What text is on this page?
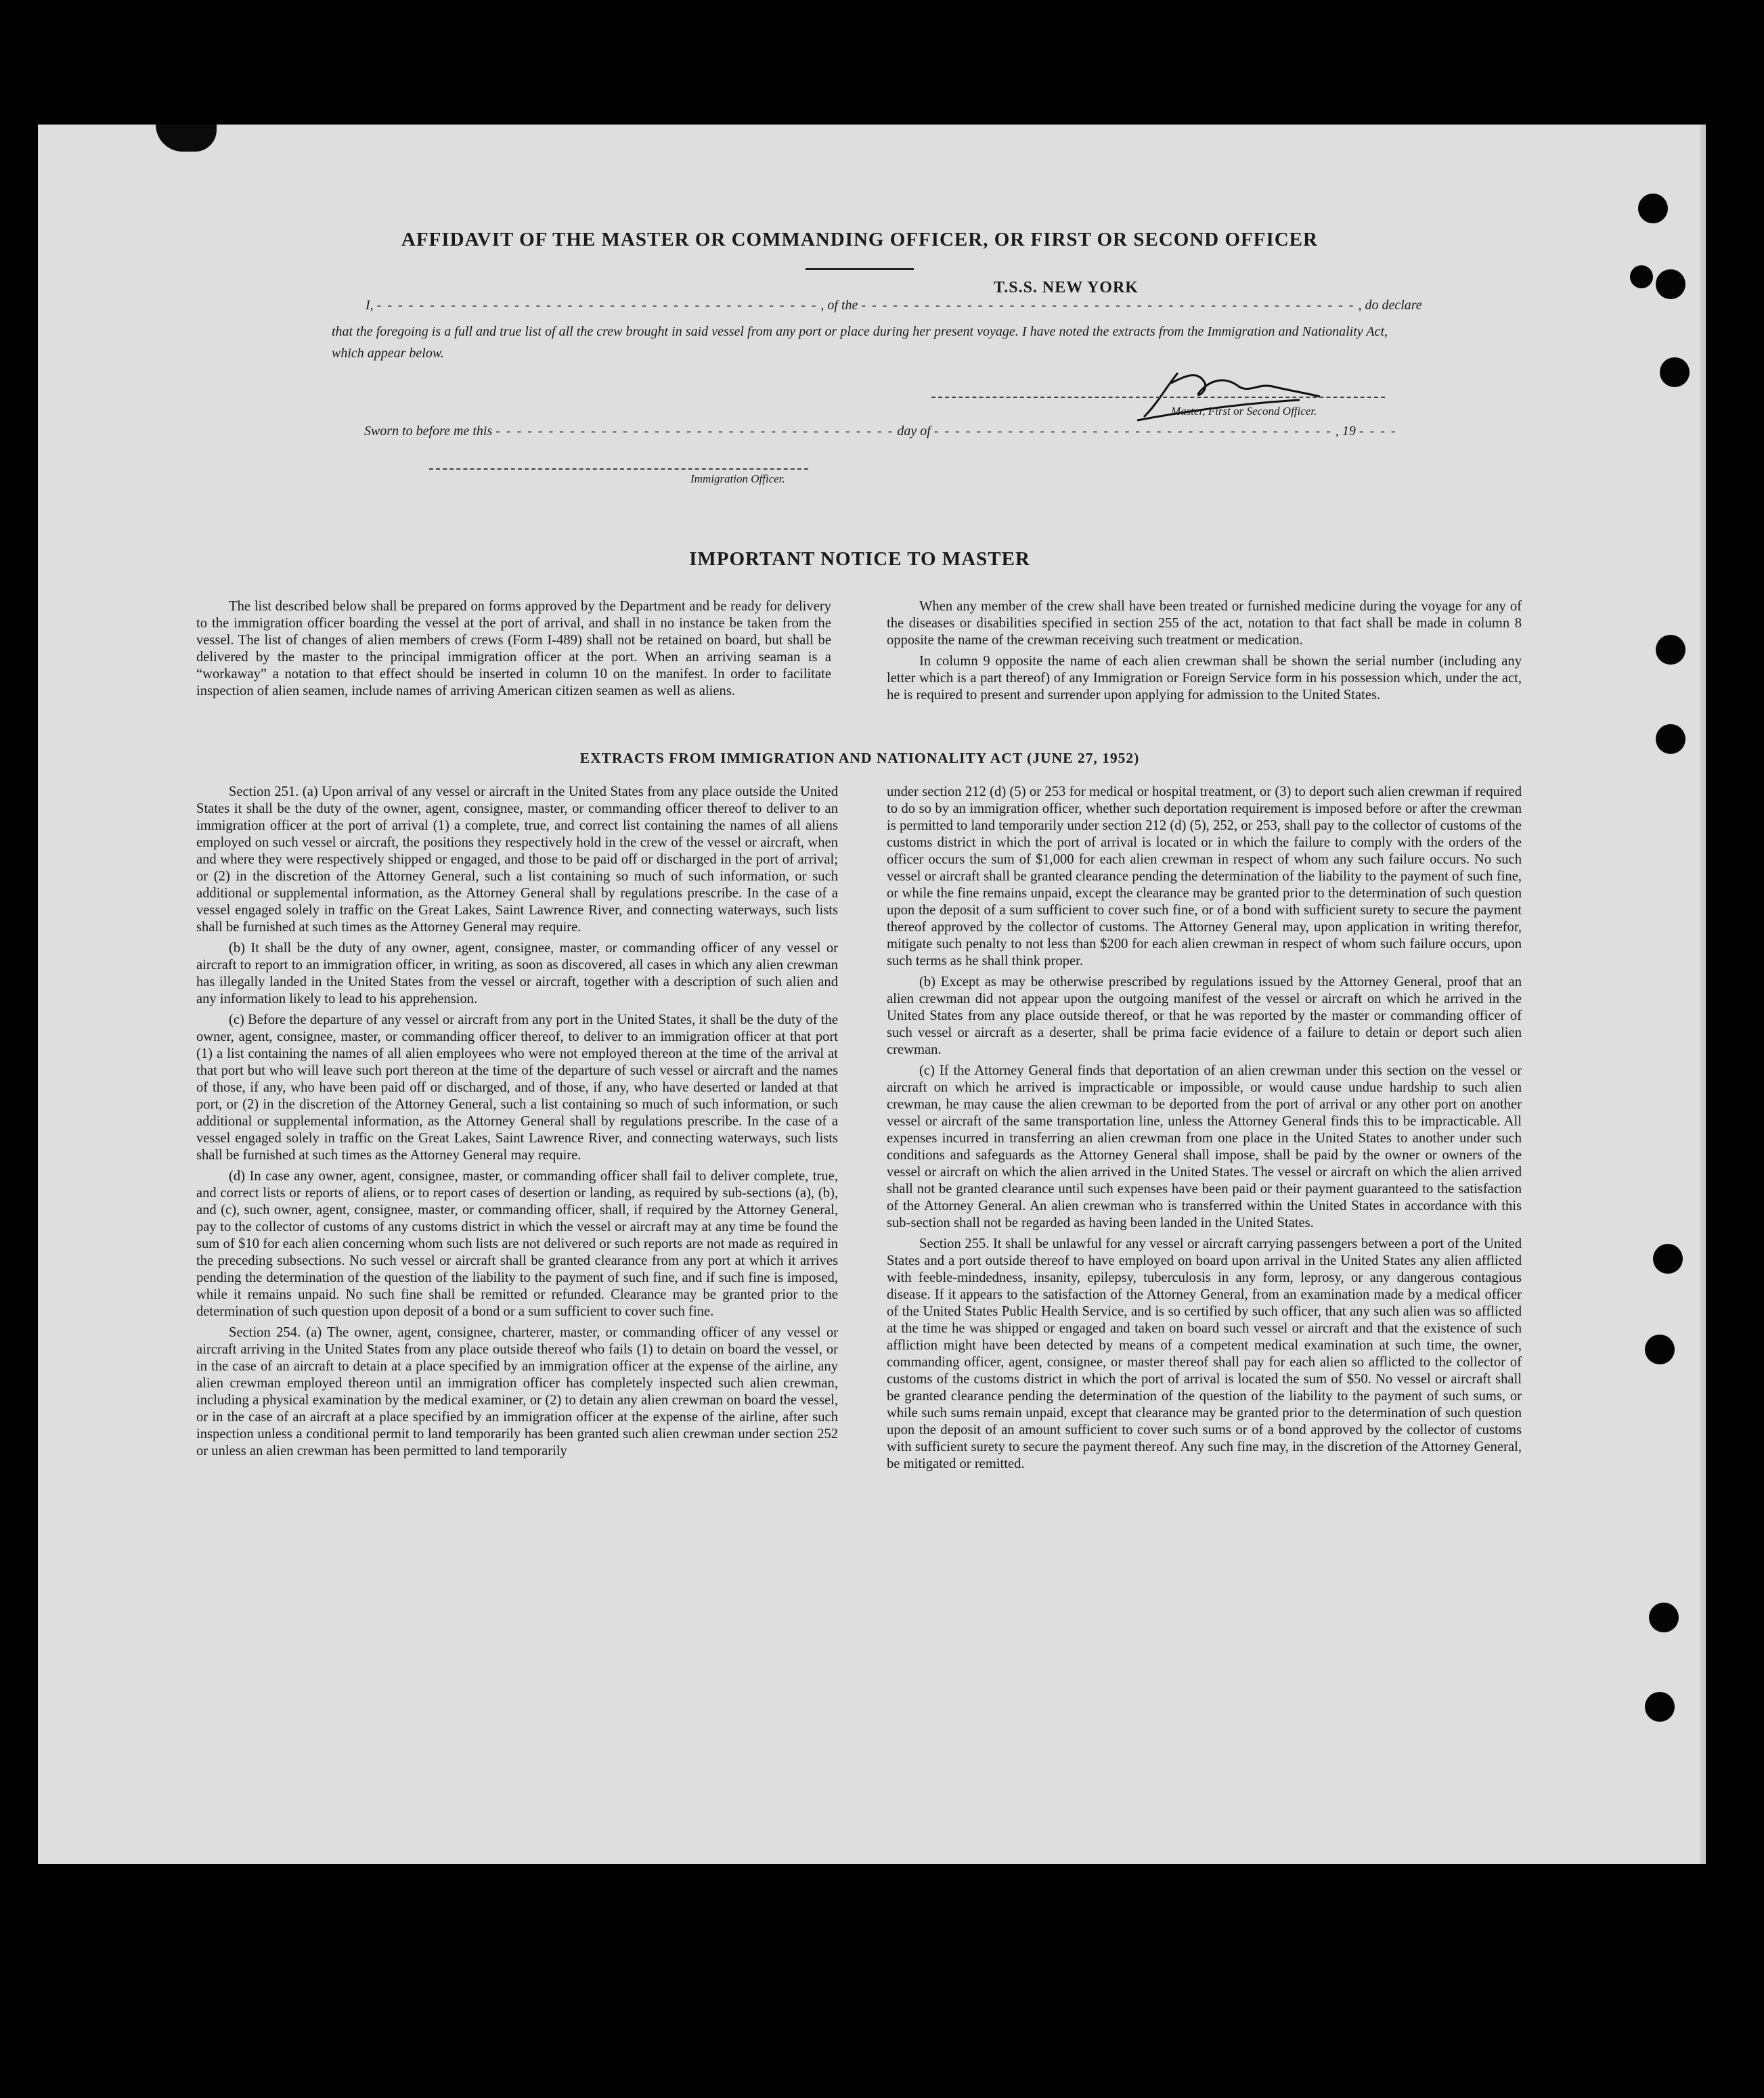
AFFIDAVIT OF THE MASTER OR COMMANDING OFFICER, OR FIRST OR SECOND OFFICER
T.S.S. NEW YORK
I, - - - - - - - - - - - - - - - - - - - - - - - - - - - - - - - - - - - - - - - - - - , of the - - - - - - - - - - - - - - - - - - - - - - - - - - - - - - - - - - - - - - - - - - - - - - - , do declare
that the foregoing is a full and true list of all the crew brought in said vessel from any port or place during her present voyage. I have noted the extracts from the Immigration and Nationality Act, which appear below.
Master, First or Second Officer.
Sworn to before me this - - - - - - - - - - - - - - - - - - - - - - - - - - - - - - - - - - - - - - day of - - - - - - - - - - - - - - - - - - - - - - - - - - - - - - - - - - - - - - , 19 - - - -
Immigration Officer.
IMPORTANT NOTICE TO MASTER

The list described below shall be prepared on forms approved by the Department and be ready for delivery to the immigration officer boarding the vessel at the port of arrival, and shall in no instance be taken from the vessel. The list of changes of alien members of crews (Form I-489) shall not be retained on board, but shall be delivered by the master to the principal immigration officer at the port. When an arriving seaman is a “workaway” a notation to that effect should be inserted in column 10 on the manifest. In order to facilitate inspection of alien seamen, include names of arriving American citizen seamen as well as aliens.

When any member of the crew shall have been treated or furnished medicine during the voyage for any of the diseases or disabilities specified in section 255 of the act, notation to that fact shall be made in column 8 opposite the name of the crewman receiving such treatment or medication.

In column 9 opposite the name of each alien crewman shall be shown the serial number (including any letter which is a part thereof) of any Immigration or Foreign Service form in his possession which, under the act, he is required to present and surrender upon applying for admission to the United States.

EXTRACTS FROM IMMIGRATION AND NATIONALITY ACT (JUNE 27, 1952)

Section 251. (a) Upon arrival of any vessel or aircraft in the United States from any place outside the United States it shall be the duty of the owner, agent, consignee, master, or commanding officer thereof to deliver to an immigration officer at the port of arrival (1) a complete, true, and correct list containing the names of all aliens employed on such vessel or aircraft, the positions they respectively hold in the crew of the vessel or aircraft, when and where they were respectively shipped or engaged, and those to be paid off or discharged in the port of arrival; or (2) in the discretion of the Attorney General, such a list containing so much of such information, or such additional or supplemental information, as the Attorney General shall by regulations prescribe. In the case of a vessel engaged solely in traffic on the Great Lakes, Saint Lawrence River, and connecting waterways, such lists shall be furnished at such times as the Attorney General may require.

(b) It shall be the duty of any owner, agent, consignee, master, or commanding officer of any vessel or aircraft to report to an immigration officer, in writing, as soon as discovered, all cases in which any alien crewman has illegally landed in the United States from the vessel or aircraft, together with a description of such alien and any information likely to lead to his apprehension.

(c) Before the departure of any vessel or aircraft from any port in the United States, it shall be the duty of the owner, agent, consignee, master, or commanding officer thereof, to deliver to an immigration officer at that port (1) a list containing the names of all alien employees who were not employed thereon at the time of the arrival at that port but who will leave such port thereon at the time of the departure of such vessel or aircraft and the names of those, if any, who have been paid off or discharged, and of those, if any, who have deserted or landed at that port, or (2) in the discretion of the Attorney General, such a list containing so much of such information, or such additional or supplemental information, as the Attorney General shall by regulations prescribe. In the case of a vessel engaged solely in traffic on the Great Lakes, Saint Lawrence River, and connecting waterways, such lists shall be furnished at such times as the Attorney General may require.

(d) In case any owner, agent, consignee, master, or commanding officer shall fail to deliver complete, true, and correct lists or reports of aliens, or to report cases of desertion or landing, as required by sub-sections (a), (b), and (c), such owner, agent, consignee, master, or commanding officer, shall, if required by the Attorney General, pay to the collector of customs of any customs district in which the vessel or aircraft may at any time be found the sum of $10 for each alien concerning whom such lists are not delivered or such reports are not made as required in the preceding subsections. No such vessel or aircraft shall be granted clearance from any port at which it arrives pending the determination of the question of the liability to the payment of such fine, and if such fine is imposed, while it remains unpaid. No such fine shall be remitted or refunded. Clearance may be granted prior to the determination of such question upon deposit of a bond or a sum sufficient to cover such fine.

Section 254. (a) The owner, agent, consignee, charterer, master, or commanding officer of any vessel or aircraft arriving in the United States from any place outside thereof who fails (1) to detain on board the vessel, or in the case of an aircraft to detain at a place specified by an immigration officer at the expense of the airline, any alien crewman employed thereon until an immigration officer has completely inspected such alien crewman, including a physical examination by the medical examiner, or (2) to detain any alien crewman on board the vessel, or in the case of an aircraft at a place specified by an immigration officer at the expense of the airline, after such inspection unless a conditional permit to land temporarily has been granted such alien crewman under section 252 or unless an alien crewman has been permitted to land temporarily

under section 212 (d) (5) or 253 for medical or hospital treatment, or (3) to deport such alien crewman if required to do so by an immigration officer, whether such deportation requirement is imposed before or after the crewman is permitted to land temporarily under section 212 (d) (5), 252, or 253, shall pay to the collector of customs of the customs district in which the port of arrival is located or in which the failure to comply with the orders of the officer occurs the sum of $1,000 for each alien crewman in respect of whom any such failure occurs. No such vessel or aircraft shall be granted clearance pending the determination of the liability to the payment of such fine, or while the fine remains unpaid, except the clearance may be granted prior to the determination of such question upon the deposit of a sum sufficient to cover such fine, or of a bond with sufficient surety to secure the payment thereof approved by the collector of customs. The Attorney General may, upon application in writing therefor, mitigate such penalty to not less than $200 for each alien crewman in respect of whom such failure occurs, upon such terms as he shall think proper.

(b) Except as may be otherwise prescribed by regulations issued by the Attorney General, proof that an alien crewman did not appear upon the outgoing manifest of the vessel or aircraft on which he arrived in the United States from any place outside thereof, or that he was reported by the master or commanding officer of such vessel or aircraft as a deserter, shall be prima facie evidence of a failure to detain or deport such alien crewman.

(c) If the Attorney General finds that deportation of an alien crewman under this section on the vessel or aircraft on which he arrived is impracticable or impossible, or would cause undue hardship to such alien crewman, he may cause the alien crewman to be deported from the port of arrival or any other port on another vessel or aircraft of the same transportation line, unless the Attorney General finds this to be impracticable. All expenses incurred in transferring an alien crewman from one place in the United States to another under such conditions and safeguards as the Attorney General shall impose, shall be paid by the owner or owners of the vessel or aircraft on which the alien arrived in the United States. The vessel or aircraft on which the alien arrived shall not be granted clearance until such expenses have been paid or their payment guaranteed to the satisfaction of the Attorney General. An alien crewman who is transferred within the United States in accordance with this sub-section shall not be regarded as having been landed in the United States.

Section 255. It shall be unlawful for any vessel or aircraft carrying passengers between a port of the United States and a port outside thereof to have employed on board upon arrival in the United States any alien afflicted with feeble-mindedness, insanity, epilepsy, tuberculosis in any form, leprosy, or any dangerous contagious disease. If it appears to the satisfaction of the Attorney General, from an examination made by a medical officer of the United States Public Health Service, and is so certified by such officer, that any such alien was so afflicted at the time he was shipped or engaged and taken on board such vessel or aircraft and that the existence of such affliction might have been detected by means of a competent medical examination at such time, the owner, commanding officer, agent, consignee, or master thereof shall pay for each alien so afflicted to the collector of customs of the customs district in which the port of arrival is located the sum of $50. No vessel or aircraft shall be granted clearance pending the determination of the question of the liability to the payment of such sums, or while such sums remain unpaid, except that clearance may be granted prior to the determination of such question upon the deposit of an amount sufficient to cover such sums or of a bond approved by the collector of customs with sufficient surety to secure the payment thereof. Any such fine may, in the discretion of the Attorney General, be mitigated or remitted.
